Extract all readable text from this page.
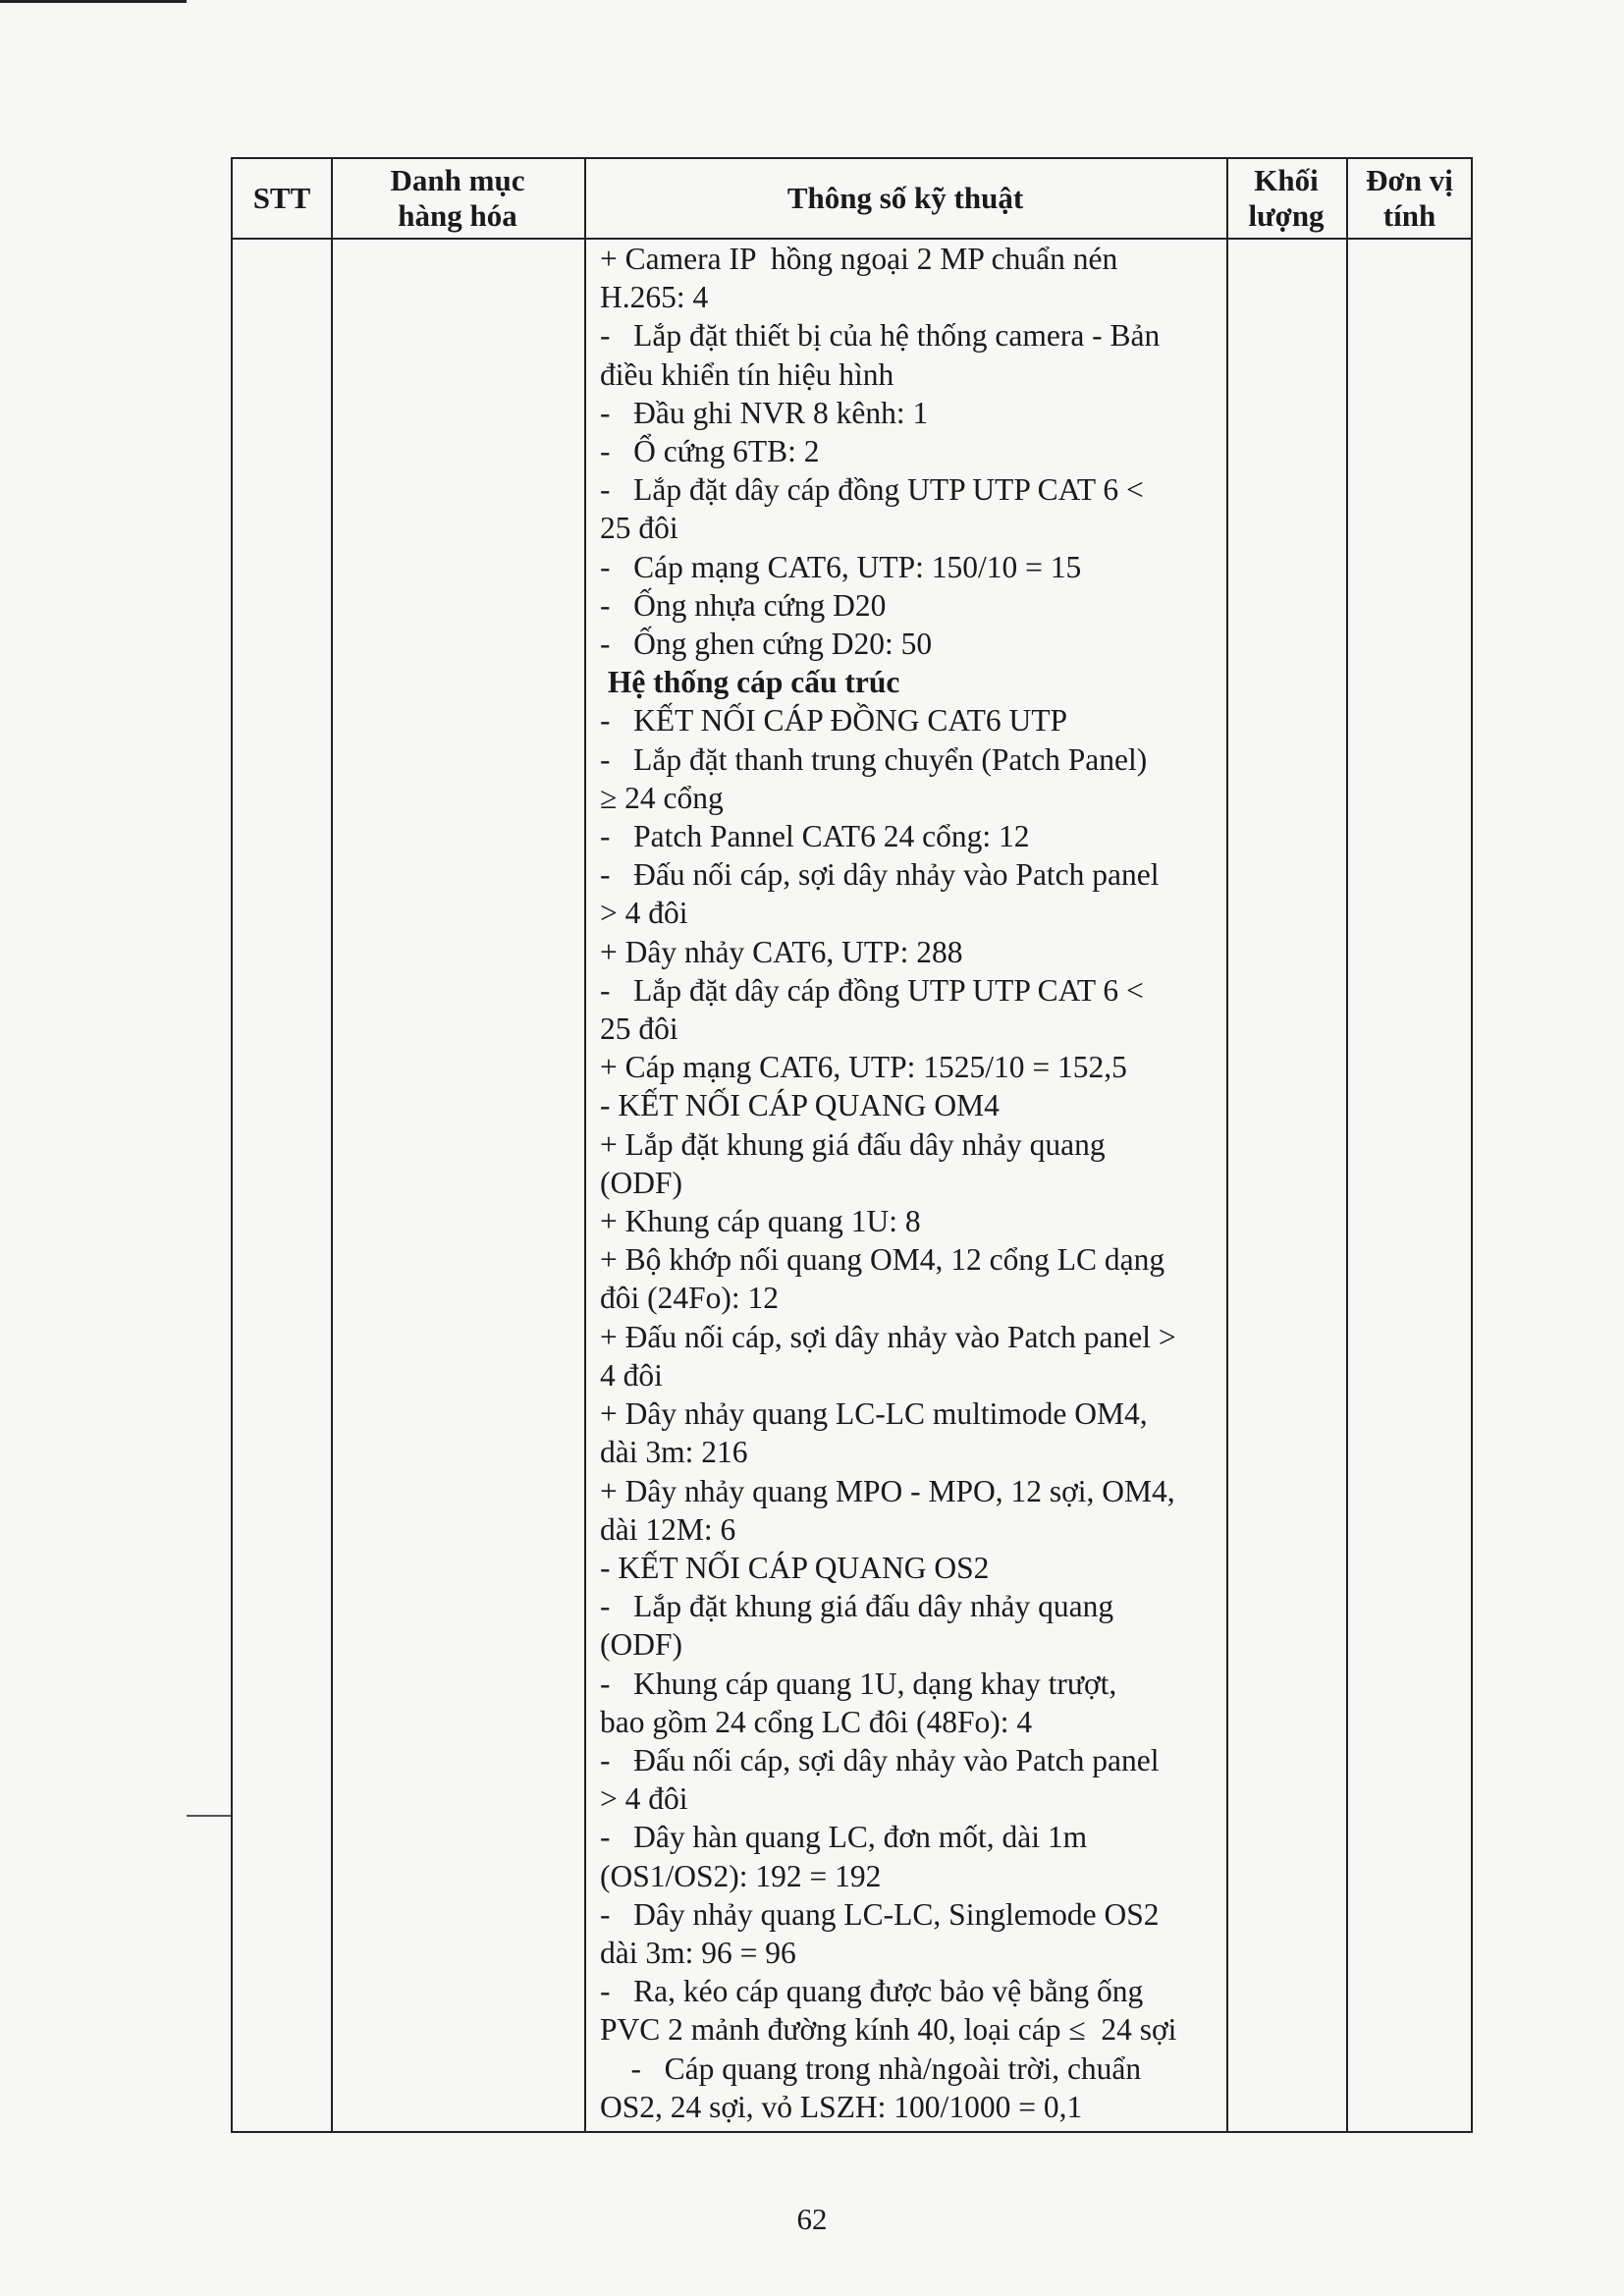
STT
Danh mục
hàng hóa
Thông số kỹ thuật
Khối
lượng
Đơn vị
tính
+ Camera IP  hồng ngoại 2 MP chuẩn nén
H.265: 4
-   Lắp đặt thiết bị của hệ thống camera - Bản
điều khiển tín hiệu hình
-   Đầu ghi NVR 8 kênh: 1
-   Ổ cứng 6TB: 2
-   Lắp đặt dây cáp đồng UTP UTP CAT 6 <
25 đôi
-   Cáp mạng CAT6, UTP: 150/10 = 15
-   Ống nhựa cứng D20
-   Ống ghen cứng D20: 50
Hệ thống cáp cấu trúc
-   KẾT NỐI CÁP ĐỒNG CAT6 UTP
-   Lắp đặt thanh trung chuyển (Patch Panel)
≥ 24 cổng
-   Patch Pannel CAT6 24 cổng: 12
-   Đấu nối cáp, sợi dây nhảy vào Patch panel
> 4 đôi
+ Dây nhảy CAT6, UTP: 288
-   Lắp đặt dây cáp đồng UTP UTP CAT 6 <
25 đôi
+ Cáp mạng CAT6, UTP: 1525/10 = 152,5
- KẾT NỐI CÁP QUANG OM4
+ Lắp đặt khung giá đấu dây nhảy quang
(ODF)
+ Khung cáp quang 1U: 8
+ Bộ khớp nối quang OM4, 12 cổng LC dạng
đôi (24Fo): 12
+ Đấu nối cáp, sợi dây nhảy vào Patch panel >
4 đôi
+ Dây nhảy quang LC-LC multimode OM4,
dài 3m: 216
+ Dây nhảy quang MPO - MPO, 12 sợi, OM4,
dài 12M: 6
- KẾT NỐI CÁP QUANG OS2
-   Lắp đặt khung giá đấu dây nhảy quang
(ODF)
-   Khung cáp quang 1U, dạng khay trượt,
bao gồm 24 cổng LC đôi (48Fo): 4
-   Đấu nối cáp, sợi dây nhảy vào Patch panel
> 4 đôi
-   Dây hàn quang LC, đơn mốt, dài 1m
(OS1/OS2): 192 = 192
-   Dây nhảy quang LC-LC, Singlemode OS2
dài 3m: 96 = 96
-   Ra, kéo cáp quang được bảo vệ bằng ống
PVC 2 mảnh đường kính 40, loại cáp ≤  24 sợi
-   Cáp quang trong nhà/ngoài trời, chuẩn
OS2, 24 sợi, vỏ LSZH: 100/1000 = 0,1
62
